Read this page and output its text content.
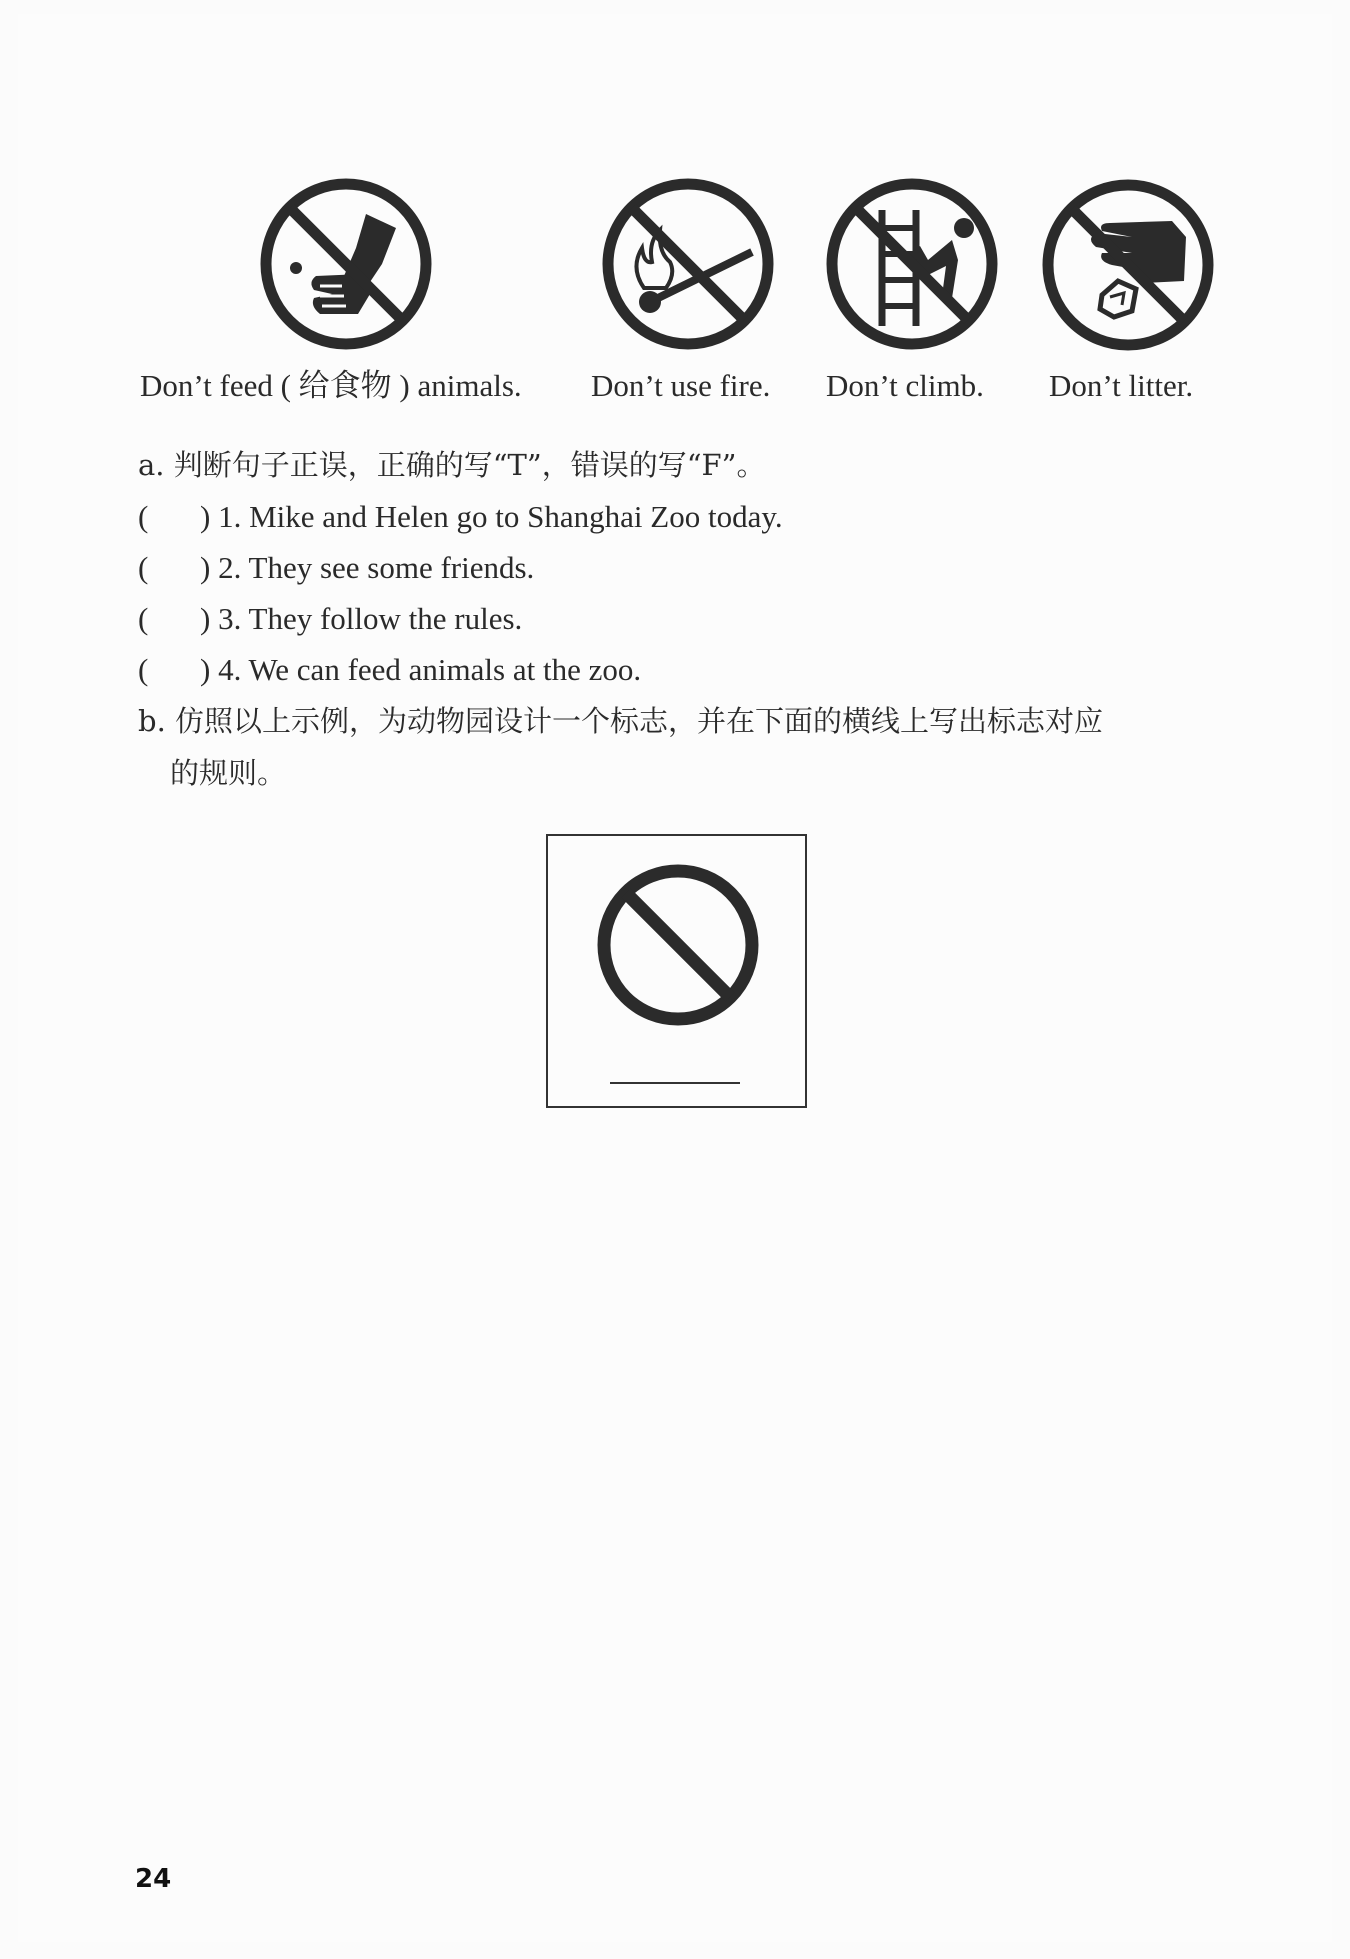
Don’t feed ( 给食物 ) animals. Don’t use fire. Don’t climb. Don’t litter.
a. 判断句子正误，正确的写“T”，错误的写“F”。
( ) 1. Mike and Helen go to Shanghai Zoo today.
( ) 2. They see some friends.
( ) 3. They follow the rules.
( ) 4. We can feed animals at the zoo.
b. 仿照以上示例，为动物园设计一个标志，并在下面的横线上写出标志对应
的规则。
24
